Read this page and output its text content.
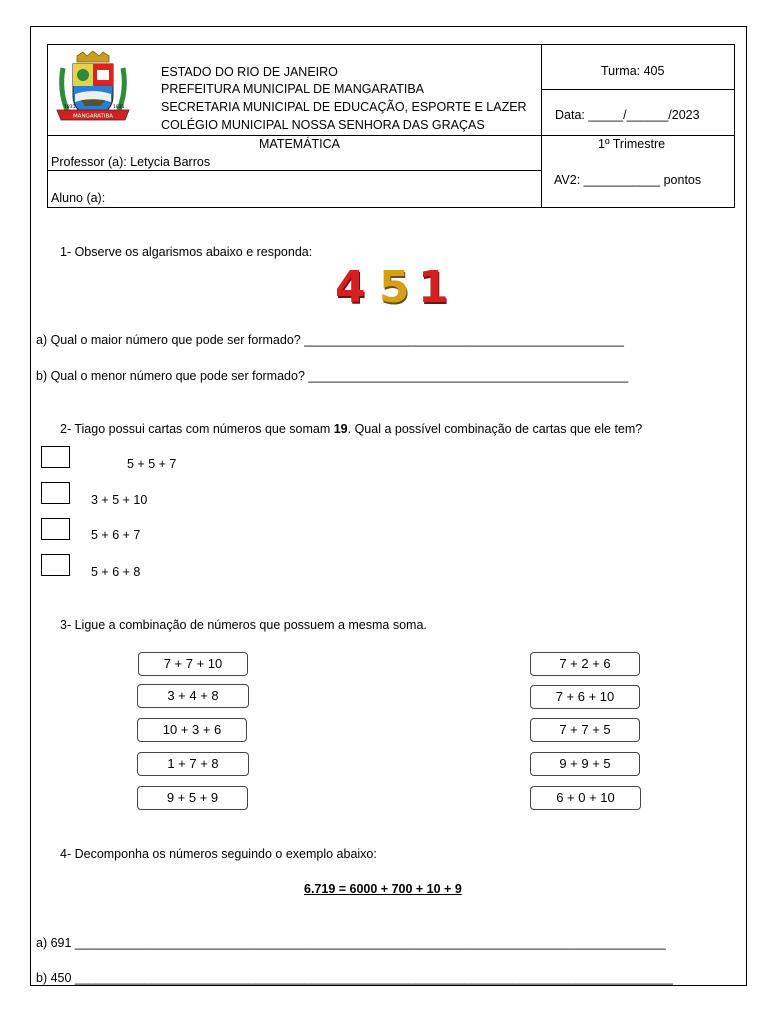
MANGARATIBA
1831	1831
ESTADO DO RIO DE JANEIRO
PREFEITURA MUNICIPAL DE MANGARATIBA
SECRETARIA MUNICIPAL DE EDUCAÇÃO, ESPORTE E LAZER
COLÉGIO MUNICIPAL NOSSA SENHORA DAS GRAÇAS
Turma: 405
Data: _____/______/2023
MATEMÁTICA
Professor (a): Letycia Barros
1º Trimestre
Aluno (a):
AV2: ___________ pontos
1- Observe os algarismos abaixo e responda:
4 5 1
a) Qual o maior número que pode ser formado? ______________________________________________
b) Qual o menor número que pode ser formado? ______________________________________________
2- Tiago possui cartas com números que somam 19. Qual a possível combinação de cartas que ele tem?
5 + 5 + 7
3 + 5 + 10
5 + 6 + 7
5 + 6 + 8
3- Ligue a combinação de números que possuem a mesma soma.
7 + 7 + 10
3 + 4 + 8
10 + 3 + 6
1 + 7 + 8
9 + 5 + 9
7 + 2 + 6
7 + 6 + 10
7 + 7 + 5
9 + 9 + 5
6 + 0 + 10
4- Decomponha os números seguindo o exemplo abaixo:
6.719 = 6000 + 700 + 10 + 9
a) 691 _____________________________________________________________________________________
b) 450 ______________________________________________________________________________________
